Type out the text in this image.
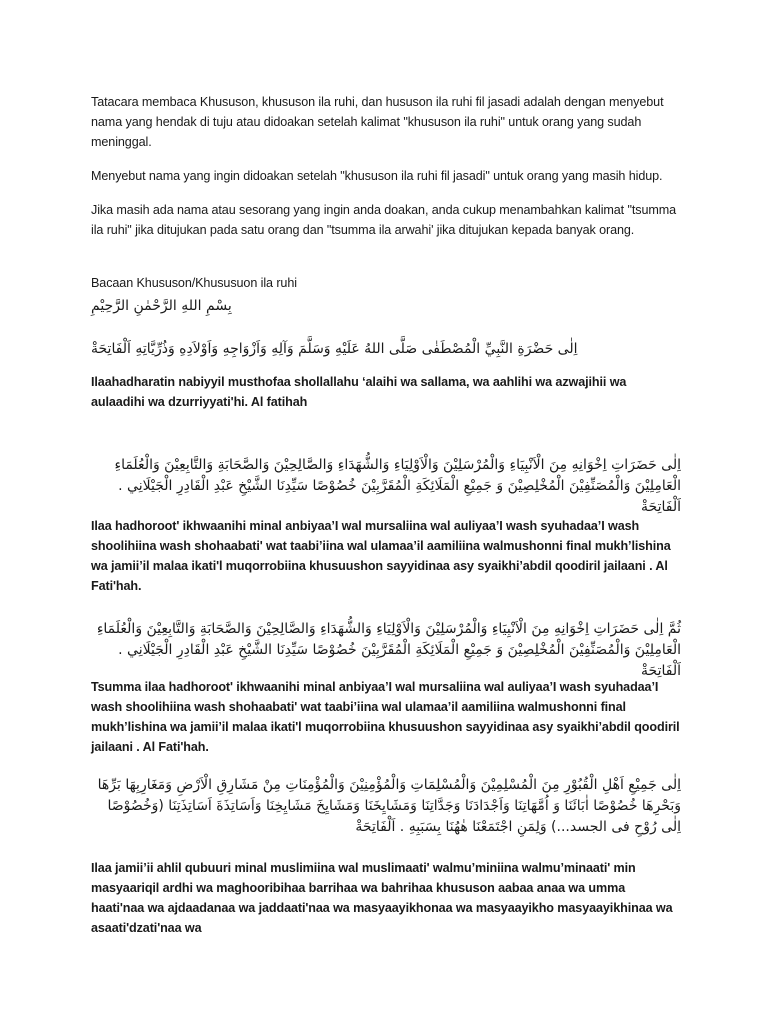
Tatacara membaca Khususon, khususon ila ruhi, dan hususon ila ruhi fil jasadi adalah dengan menyebut nama yang hendak di tuju atau didoakan setelah kalimat "khususon ila ruhi" untuk orang yang sudah meninggal.

Menyebut nama yang ingin didoakan setelah "khususon ila ruhi fil jasadi" untuk orang yang masih hidup.

Jika masih ada nama atau sesorang yang ingin anda doakan, anda cukup menambahkan kalimat "tsumma ila ruhi" jika ditujukan pada satu orang dan "tsumma ila arwahi' jika ditujukan kepada banyak orang.

Bacaan Khususon/Khusus​uon ila ruhi

بِسْمِ اللهِ الرَّحْمٰنِ الرَّحِيْمِ

اِلٰى حَضْرَةِ النَّبِيِّ الْمُصْطَفٰى صَلَّى اللهُ عَلَيْهِ وَسَلَّمَ وَآلِهِ وَاَزْوَاجِهِ وَاَوْلاَدِهِ وَذُرِّيَّاتِهِ اَلْفَاتِحَةْ

Ilaahadharatin nabiyyil musthofaa shollallahu ‘alaihi wa sallama, wa aahlihi wa azwajihii wa aulaadihi wa dzurriyyati'hi. Al fatihah

اِلٰى حَضَرَاتِ اِخْوَانِهِ مِنَ الْاَنْبِيَاءِ وَالْمُرْسَلِيْنَ وَالْاَوْلِيَاءِ وَالشُّهَدَاءِ وَالصَّالِحِيْنَ وَالصَّحَابَةِ وَالتَّابِعِيْنَ وَالْعُلَمَاءِ الْعَامِلِيْنَ وَالْمُصَنِّفِيْنَ الْمُخْلِصِيْنَ وَ جَمِيْعِ الْمَلَائِكَةِ الْمُقَرَّبِيْنَ خُصُوْصًا سَيِّدِنَا الشَّيْخِ عَبْدِ الْقَادِرِ الْجَيْلَانِي . اَلْفَاتِحَةْ

Ilaa hadhoroot' ikhwaanihi minal anbiyaa’I wal mursaliina wal auliyaa’I wash syuhadaa’I wash shoolihiina wash shohaabati' wat taabi’iina wal ulamaa’il aamiliina walmushonni final mukh’lishina wa jamii’il malaa ikati'l muqorrobiina khusuushon sayyidinaa asy syaikhi’abdil qoodiril jailaani . Al Fati'hah.

ثُمَّ اِلٰى حَضَرَاتِ اِخْوَانِهِ مِنَ الْاَنْبِيَاءِ وَالْمُرْسَلِيْنَ وَالْاَوْلِيَاءِ وَالشُّهَدَاءِ وَالصَّالِحِيْنَ وَالصَّحَابَةِ وَالتَّابِعِيْنَ وَالْعُلَمَاءِ الْعَامِلِيْنَ وَالْمُصَنِّفِيْنَ الْمُخْلِصِيْنَ وَ جَمِيْعِ الْمَلَائِكَةِ الْمُقَرَّبِيْنَ خُصُوْصًا سَيِّدِنَا الشَّيْخِ عَبْدِ الْقَادِرِ الْجَيْلَانِي . اَلْفَاتِحَةْ

Tsumma ilaa hadhoroot' ikhwaanihi minal anbiyaa’I wal mursaliina wal auliyaa’I wash syuhadaa’I wash shoolihiina wash shohaabati' wat taabi’iina wal ulamaa’il aamiliina walmushonni final mukh’lishina wa jamii’il malaa ikati'l muqorrobiina khusuushon sayyidinaa asy syaikhi’abdil qoodiril jailaani . Al Fati'hah.

اِلٰى جَمِيْعِ اَهْلِ الْقُبُوْرِ مِنَ الْمُسْلِمِيْنَ وَالْمُسْلِمَاتِ وَالْمُؤْمِنِيْنَ وَالْمُؤْمِنَاتِ مِنْ مَشَارِقِ الْاَرْضِ وَمَغَارِبِهَا بَرِّهَا وَبَحْرِهَا خُصُوْصًا اٰبَائَنَا وَ اُمَّهَاتِنَا وَاَجْدَادَنَا وَجَدَّاتِنَا وَمَشَايِخَنَا وَمَشَايِخَ مَشَايِخِنَا وَاَسَاتِذَةَ اَسَاتِذَتِنَا (وَخُصُوْصًا اِلٰى رُوْحِ فى الجسد...) وَلِمَنِ اجْتَمَعْنَا هٰهُنَا بِسَبَبِهِ . اَلْفَاتِحَةْ

Ilaa jamii’ii ahlil qubuuri minal muslimiina wal muslimaati' walmu’miniina walmu’minaati' min masyaariqil ardhi wa maghooribihaa barrihaa wa bahrihaa khususon aabaa anaa wa umma haati'naa wa ajdaadanaa wa jaddaati'naa wa masyaayikhonaa wa masyaayikho masyaayikhinaa wa asaati'dzati'naa wa
